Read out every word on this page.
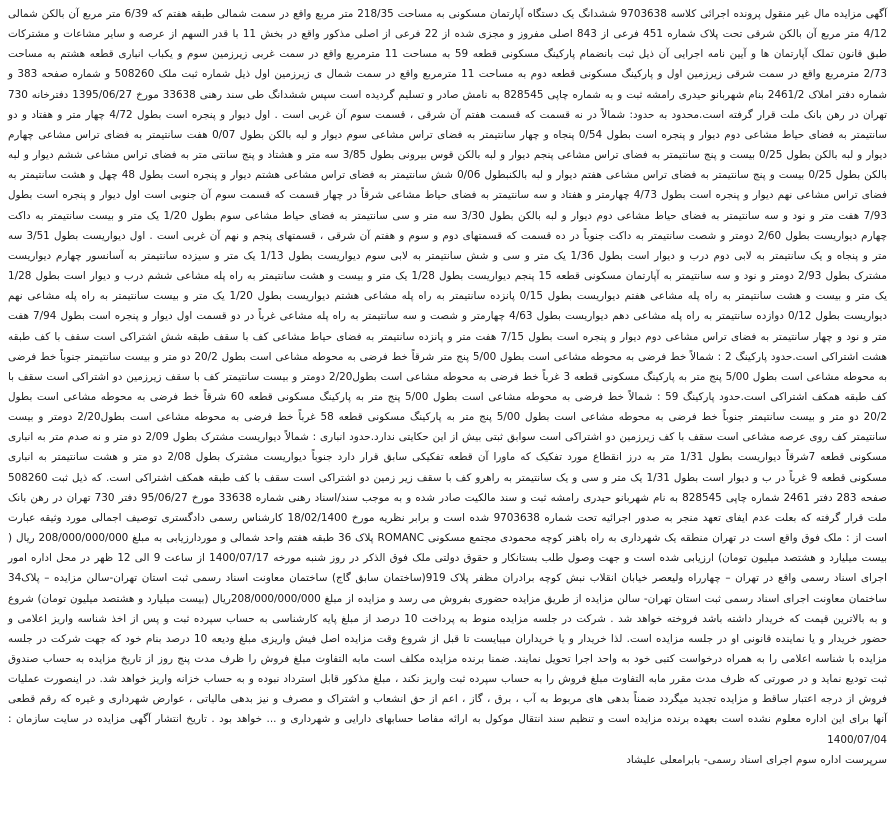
آگهی مزایده مال غیر منقول پرونده اجرائی کلاسه 9703638 ششدانگ یک دستگاه آپارتمان مسکونی به مساحت 218/35 متر مربع واقع در سمت شمالی طبقه هفتم که 6/39 متر مربع آن بالکن شمالی 4/12 متر مربع آن بالکن شرقی تحت پلاک شماره 451 فرعی از 843 اصلی مفروز و مجزی شده از 22 فرعی از اصلی مذکور واقع در بخش 11 با قدر السهم از عرصه و سایر مشاعات و مشترکات طبق قانون تملک آپارتمان ها و آیین نامه اجرایی آن ذیل ثبت بانضمام پارکینگ مسکونی قطعه 59 به مساحت 11 مترمربع واقع در سمت غربی زیرزمین سوم و یکباب انباری قطعه هشتم به مساحت 2/73 مترمربع واقع در سمت شرقی زیرزمین اول و پارکینگ مسکونی قطعه دوم به مساحت 11 مترمربع واقع در سمت شمال ی زیرزمین اول ذیل شماره ثبت ملک 508260 و شماره صفحه 383 و شماره دفتر املاک 2461/2 بنام شهربانو حیدری رامشه ثبت و به شماره چاپی 828545 به نامش صادر و تسلیم گردیده است سپس ششدانگ طی سند رهنی 33638 مورخ 1395/06/27 دفترخانه 730 تهران در رهن بانک ملت قرار گرفته است.محدود به حدود: شمالاً در نه قسمت که قسمت هفتم آن شرقی ، قسمت سوم آن غربی است . اول دیوار و پنجره است بطول 4/72 چهار متر و هفتاد و دو سانتیمتر به فضای حیاط مشاعی دوم دیوار و پنجره است بطول 0/54 پنجاه و چهار سانتیمتر به فضای تراس مشاعی سوم دیوار و لبه بالکن بطول 0/07 هفت سانتیمتر به فضای تراس مشاعی چهارم دیوار و لبه بالکن بطول 0/25 بیست و پنج سانتیمتر به فضای تراس مشاعی پنجم دیوار و لبه بالکن قوس بیرونی بطول 3/85 سه متر و هشتاد و پنج سانتی متر به فضای تراس مشاعی ششم دیوار و لبه بالکن بطول 0/25 بیست و پنج سانتیمتر به فضای تراس مشاعی هفتم دیوار و لبه بالکنبطول 0/06 شش سانتیمتر به فضای تراس مشاعی هشتم دیوار و پنجره است بطول 48 چهل و هشت سانتیمتر به فضای تراس مشاعی نهم دیوار و پنجره است بطول 4/73 چهارمتر و هفتاد و سه سانتیمتر به فضای حیاط مشاعی شرقاً در چهار قسمت که قسمت سوم آن جنوبی است اول دیوار و پنجره است بطول 7/93 هفت متر و نود و سه سانتیمتر به فضای حیاط مشاعی دوم دیوار و لبه بالکن بطول 3/30 سه متر و سی سانتیمتر به فضای حیاط مشاعی سوم بطول 1/20 یک متر و بیست سانتیمتر به داکت چهارم دیواریست بطول 2/60 دومتر و شصت سانتیمتر به داکت جنوباً در ده قسمت که قسمتهای دوم و سوم و هفتم آن شرقی ، قسمتهای پنجم و نهم آن غربی است . اول دیواریست بطول 3/51 سه متر و پنجاه و یک سانتیمتر به لابی دوم درب و دیوار است بطول 1/36 یک متر و سی و شش سانتیمتر به لابی سوم دیواریست بطول 1/13 یک متر و سیزده سانتیمتر به آسانسور چهارم دیواریست مشترک بطول 2/93 دومتر و نود و سه سانتیمتر به آپارتمان مسکونی قطعه 15 پنجم دیواریست بطول 1/28 یک متر و بیست و هشت سانتیمتر به راه پله مشاعی ششم درب و دیوار است بطول 1/28 یک متر و بیست و هشت سانتیمتر به راه پله مشاعی هفتم دیواریست بطول 0/15 پانزده سانتیمتر به راه پله مشاعی هشتم دیواریست بطول 1/20 یک متر و بیست سانتیمتر به راه پله مشاعی نهم دیواریست بطول 0/12 دوازده سانتیمتر به راه پله مشاعی دهم دیواریست بطول 4/63 چهارمتر و شصت و سه سانتیمتر به راه پله مشاعی غرباً در دو قسمت اول دیوار و پنجره است بطول 7/94 هفت متر و نود و چهار سانتیمتر به فضای تراس مشاعی دوم دیوار و پنجره است بطول 7/15 هفت متر و پانزده سانتیمتر به فضای حیاط مشاعی کف با سقف طبقه شش اشتراکی است سقف با کف طبقه هشت اشتراکی است.حدود پارکینگ 2 : شمالاً خط فرضی به محوطه مشاعی است بطول 5/00 پنج متر شرقاً خط فرضی به محوطه مشاعی است بطول 20/2 دو متر و بیست سانتیمتر جنوباً خط فرضی به محوطه مشاعی است بطول 5/00 پنج متر به پارکینگ مسکونی قطعه 3 غرباً خط فرضی به محوطه مشاعی است بطول2/20 دومتر و بیست سانتیمتر کف با سقف زیرزمین دو اشتراکی است سقف با کف طبقه همکف اشتراکی است.حدود پارکینگ 59 : شمالاً خط فرضی به محوطه مشاعی است بطول 5/00 پنج متر به پارکینگ مسکونی قطعه 60 شرقاً خط فرضی به محوطه مشاعی است بطول 20/2 دو متر و بیست سانتیمتر جنوباً خط فرضی به محوطه مشاعی است بطول 5/00 پنج متر به پارکینگ مسکونی قطعه 58 غرباً خط فرضی به محوطه مشاعی است بطول2/20 دومتر و بیست سانتیمتر کف روی عرصه مشاعی است سقف با کف زیرزمین دو اشتراکی است سوابق ثبتی بیش از این حکایتی ندارد.حدود انباری : شمالاً دیواریست مشترک بطول 2/09 دو متر و نه صدم متر به انباری مسکونی قطعه 7شرقاً دیواریست بطول 1/31 متر به درز انقطاع مورد تفکیک که ماورا آن قطعه تفکیکی سابق قرار دارد جنوباً دیواریست مشترک بطول 2/08 دو متر و هشت سانتیمتر به انباری مسکونی قطعه 9 غرباً در ب و دیوار است بطول 1/31 یک متر و سی و یک سانتیمتر به راهرو کف با سقف زیر زمین دو اشتراکی است سقف با کف طبقه همکف اشتراکی است. که ذیل ثبت 508260 صفحه 283 دفتر 2461 شماره چاپی 828545 به نام شهربانو حیدری رامشه ثبت و سند مالکیت صادر شده و به موجب سند/اسناد رهنی شماره 33638 مورخ 95/06/27 دفتر 730 تهران در رهن بانک ملت قرار گرفته که بعلت عدم ایفای تعهد منجر به صدور اجرائیه تحت شماره 9703638 شده است و برابر نظریه مورخ 18/02/1400 کارشناس رسمی دادگستری توصیف اجمالی مورد وثیقه عبارت است از : ملک فوق واقع است در تهران منطقه یک شهرداری به راه باهنر کوچه محمودی مجتمع مسکونی ROMANC پلاک 36 طبقه هفتم واحد شمالی و موردارزیابی به مبلغ 208/000/000/000 ریال ( بیست میلیارد و هشتصد میلیون تومان) ارزیابی شده است و جهت وصول طلب بستانکار و حقوق دولتی ملک فوق الذکر در روز شنبه مورخه 1400/07/17 از ساعت 9 الی 12 ظهر در محل اداره امور اجرای اسناد رسمی واقع در تهران – چهارراه ولیعصر خیابان انقلاب نبش کوچه برادران مظفر پلاک 919(ساختمان سابق گاج) ساختمان معاونت اسناد رسمی ثبت استان تهران-سالن مزایده – پلاک34 ساختمان معاونت اجرای اسناد رسمی ثبت استان تهران- سالن مزایده از طریق مزایده حضوری بفروش می رسد و مزایده از مبلغ 208/000/000/000ریال (بیست میلیارد و هشتصد میلیون تومان) شروع و به بالاترین قیمت که خریدار داشته باشد فروخته خواهد شد . شرکت در جلسه مزایده منوط به پرداخت 10 درصد از مبلغ پایه کارشناسی به حساب سپرده ثبت و پس از اخذ شناسه واریز اعلامی و حضور خریدار و یا نماینده قانونی او در جلسه مزایده است. لذا خریدار و یا خریداران میبایست تا قبل از شروع وقت مزایده اصل فیش واریزی مبلغ ودیعه 10 درصد بنام خود که جهت شرکت در جلسه مزایده با شناسه اعلامی را به همراه درخواست کتبی خود به واحد اجرا تحویل نمایند. ضمنا برنده مزایده مکلف است مابه التفاوت مبلغ فروش را ظرف مدت پنج روز از تاریخ مزایده به حساب صندوق ثبت تودیع نماید و در صورتی که ظرف مدت مقرر مابه التفاوت مبلغ فروش را به حساب سپرده ثبت واریز نکند ، مبلغ مذکور قابل استرداد نبوده و به حساب خزانه واریز خواهد شد. در اینصورت عملیات فروش از درجه اعتبار ساقط و مزایده تجدید میگردد ضمناً بدهی های مربوط به آب ، برق ، گاز ، اعم از حق انشعاب و اشتراک و مصرف و نیز بدهی مالیاتی ، عوارض شهرداری و غیره که رقم قطعی آنها برای این اداره معلوم نشده است بعهده برنده مزایده است و تنظیم سند انتقال موکول به ارائه مفاصا حسابهای دارایی و شهرداری و ... خواهد بود . تاریخ انتشار آگهی مزایده در سایت سازمان : 1400/07/04

سرپرست اداره سوم اجرای اسناد رسمی- بابرامعلی علیشاد
